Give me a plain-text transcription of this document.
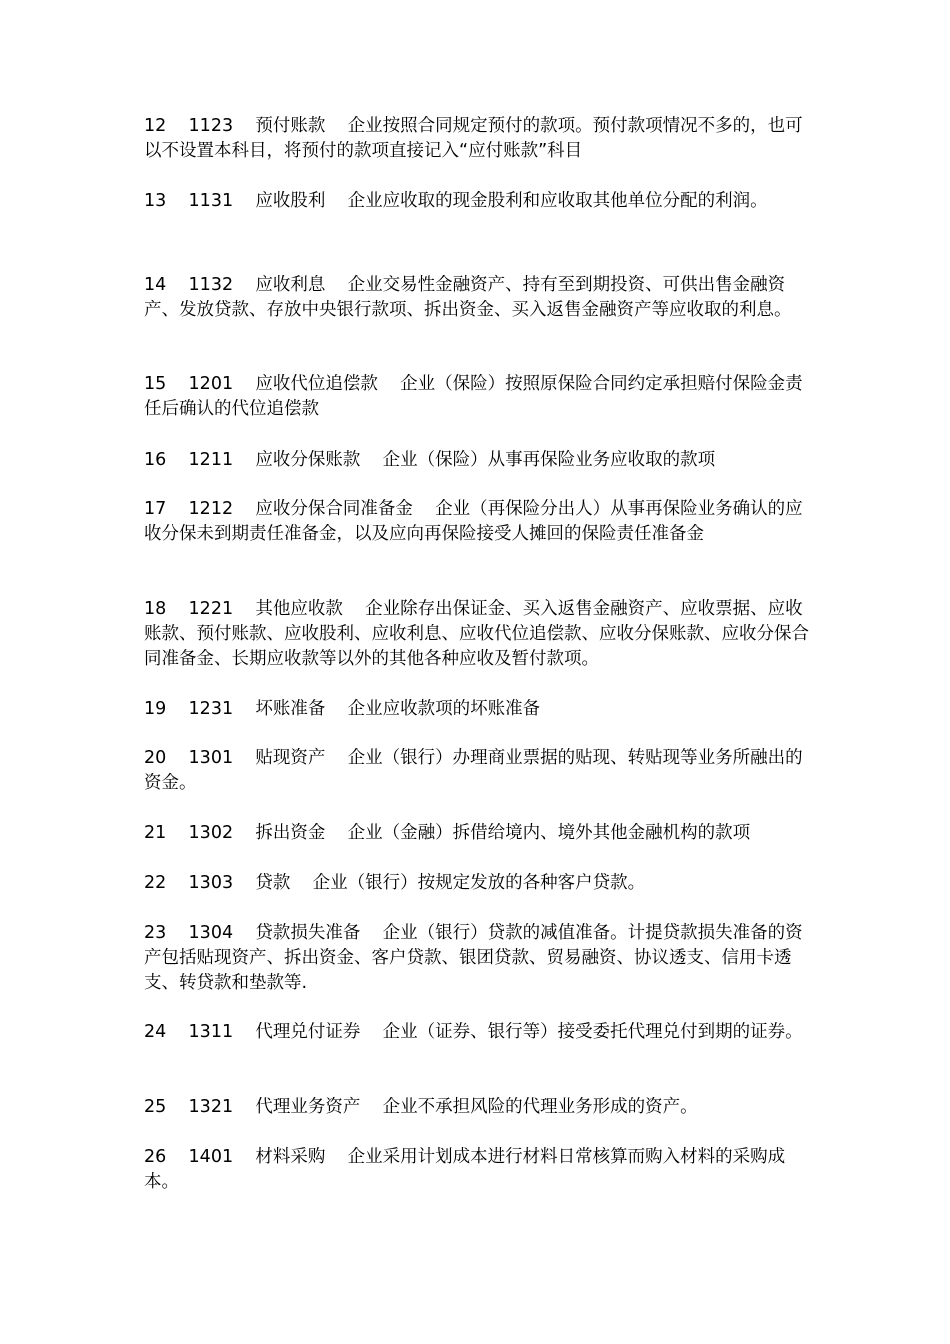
12 1123 预付账款 企业按照合同规定预付的款项。预付款项情况不多的，也可以不设置本科目，将预付的款项直接记入“应付账款”科目

13 1131 应收股利 企业应收取的现金股利和应收取其他单位分配的利润。

14 1132 应收利息 企业交易性金融资产、持有至到期投资、可供出售金融资产、发放贷款、存放中央银行款项、拆出资金、买入返售金融资产等应收取的利息。

15 1201 应收代位追偿款 企业（保险）按照原保险合同约定承担赔付保险金责任后确认的代位追偿款

16 1211 应收分保账款 企业（保险）从事再保险业务应收取的款项

17 1212 应收分保合同准备金 企业（再保险分出人）从事再保险业务确认的应收分保未到期责任准备金，以及应向再保险接受人摊回的保险责任准备金

18 1221 其他应收款 企业除存出保证金、买入返售金融资产、应收票据、应收账款、预付账款、应收股利、应收利息、应收代位追偿款、应收分保账款、应收分保合同准备金、长期应收款等以外的其他各种应收及暂付款项。

19 1231 坏账准备 企业应收款项的坏账准备

20 1301 贴现资产 企业（银行）办理商业票据的贴现、转贴现等业务所融出的资金。

21 1302 拆出资金 企业（金融）拆借给境内、境外其他金融机构的款项

22 1303 贷款 企业（银行）按规定发放的各种客户贷款。

23 1304 贷款损失准备 企业（银行）贷款的减值准备。计提贷款损失准备的资产包括贴现资产、拆出资金、客户贷款、银团贷款、贸易融资、协议透支、信用卡透支、转贷款和垫款等.

24 1311 代理兑付证券 企业（证券、银行等）接受委托代理兑付到期的证券。

25 1321 代理业务资产 企业不承担风险的代理业务形成的资产。

26 1401 材料采购 企业采用计划成本进行材料日常核算而购入材料的采购成本。
